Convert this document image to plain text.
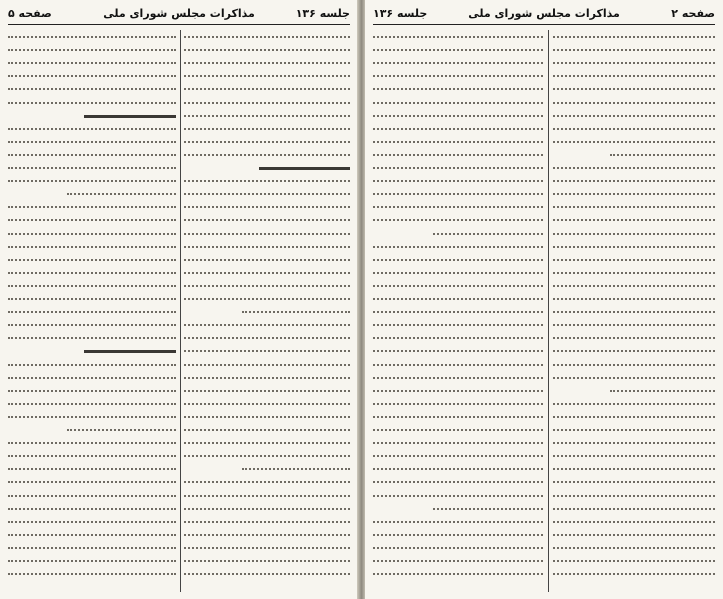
صفحه ۵	مذاکرات مجلس شورای ملی	جلسه ۱۳۶	صفحه ۲
مذاکرات مجلس شورای ملی
جلسه ۱۳۶
